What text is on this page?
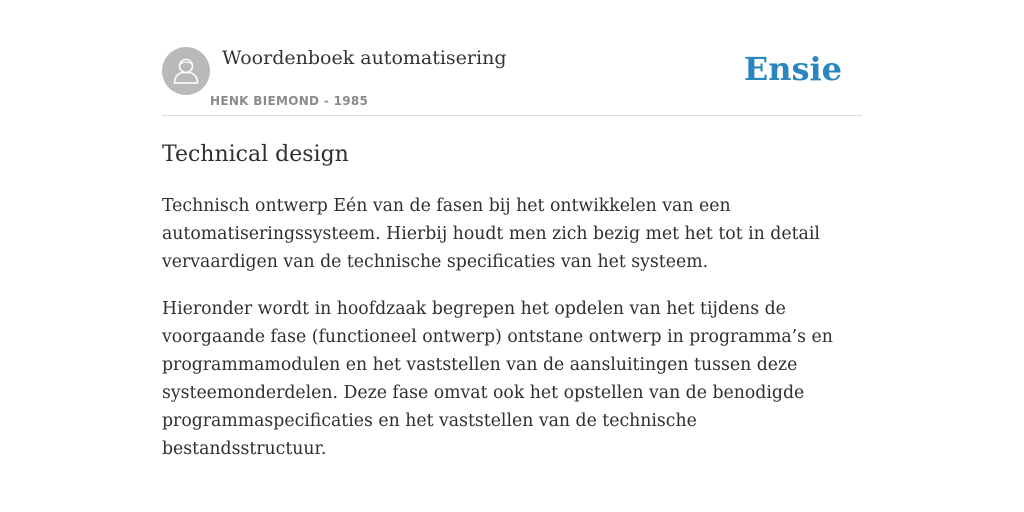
Woordenboek automatisering
HENK BIEMOND - 1985
Ensie
Technical design

Technisch ontwerp Eén van de fasen bij het ontwikkelen van een automatiseringssysteem. Hierbij houdt men zich bezig met het tot in detail vervaardigen van de technische specificaties van het systeem.

Hieronder wordt in hoofdzaak begrepen het opdelen van het tijdens de voorgaande fase (functioneel ontwerp) ontstane ontwerp in programma’s en programmamodulen en het vaststellen van de aansluitingen tussen deze systeemonderdelen. Deze fase omvat ook het opstellen van de benodigde programmaspecificaties en het vaststellen van de technische bestandsstructuur.
